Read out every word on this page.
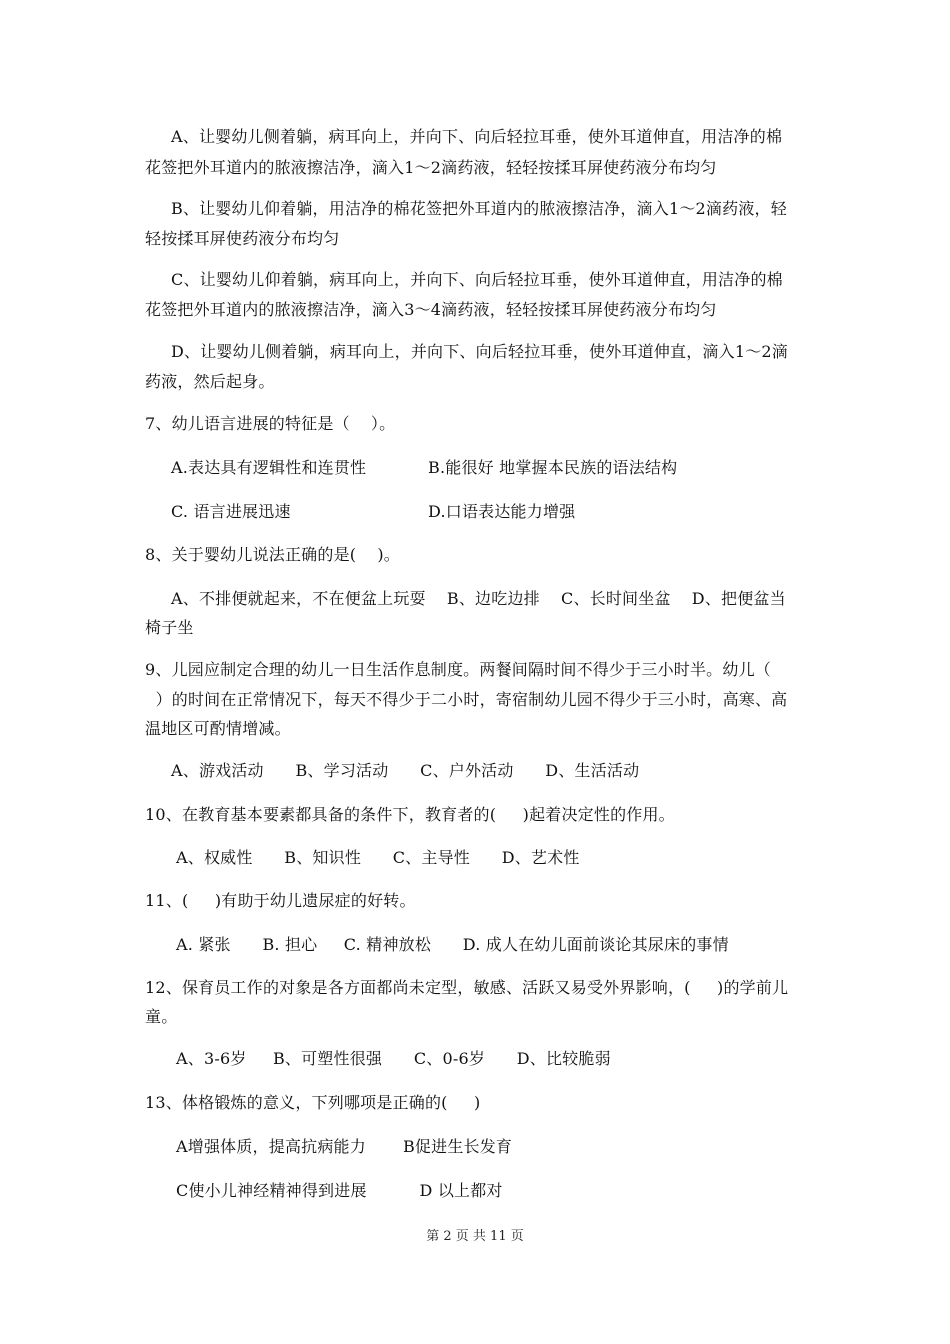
A、让婴幼儿侧着躺，病耳向上，并向下、向后轻拉耳垂，使外耳道伸直，用洁净的棉
花签把外耳道内的脓液擦洁净，滴入1～2滴药液，轻轻按揉耳屏使药液分布均匀
B、让婴幼儿仰着躺，用洁净的棉花签把外耳道内的脓液擦洁净，滴入1～2滴药液，轻
轻按揉耳屏使药液分布均匀
C、让婴幼儿仰着躺，病耳向上，并向下、向后轻拉耳垂，使外耳道伸直，用洁净的棉
花签把外耳道内的脓液擦洁净，滴入3～4滴药液，轻轻按揉耳屏使药液分布均匀
D、让婴幼儿侧着躺，病耳向上，并向下、向后轻拉耳垂，使外耳道伸直，滴入1～2滴
药液，然后起身。
7、幼儿语言进展的特征是（    ）。
A.表达具有逻辑性和连贯性	B.能很好 地掌握本民族的语法结构
C. 语言进展迅速	D.口语表达能力增强
8、关于婴幼儿说法正确的是(    )。
A、不排便就起来，不在便盆上玩耍    B、边吃边排    C、长时间坐盆    D、把便盆当
椅子坐
9、儿园应制定合理的幼儿一日生活作息制度。两餐间隔时间不得少于三小时半。幼儿（
）的时间在正常情况下，每天不得少于二小时，寄宿制幼儿园不得少于三小时，高寒、高
温地区可酌情增减。
A、游戏活动      B、学习活动      C、户外活动      D、生活活动
10、在教育基本要素都具备的条件下，教育者的(     )起着决定性的作用。
A、权威性      B、知识性      C、主导性      D、艺术性
11、(     )有助于幼儿遗尿症的好转。
A. 紧张      B. 担心     C. 精神放松      D. 成人在幼儿面前谈论其尿床的事情
12、保育员工作的对象是各方面都尚未定型，敏感、活跃又易受外界影响，(     )的学前儿
童。
A、3-6岁     B、可塑性很强      C、0-6岁      D、比较脆弱
13、体格锻炼的意义，下列哪项是正确的(     )
A增强体质，提高抗病能力       B促进生长发育
C使小儿神经精神得到进展          D 以上都对
第 2 页 共 11 页
